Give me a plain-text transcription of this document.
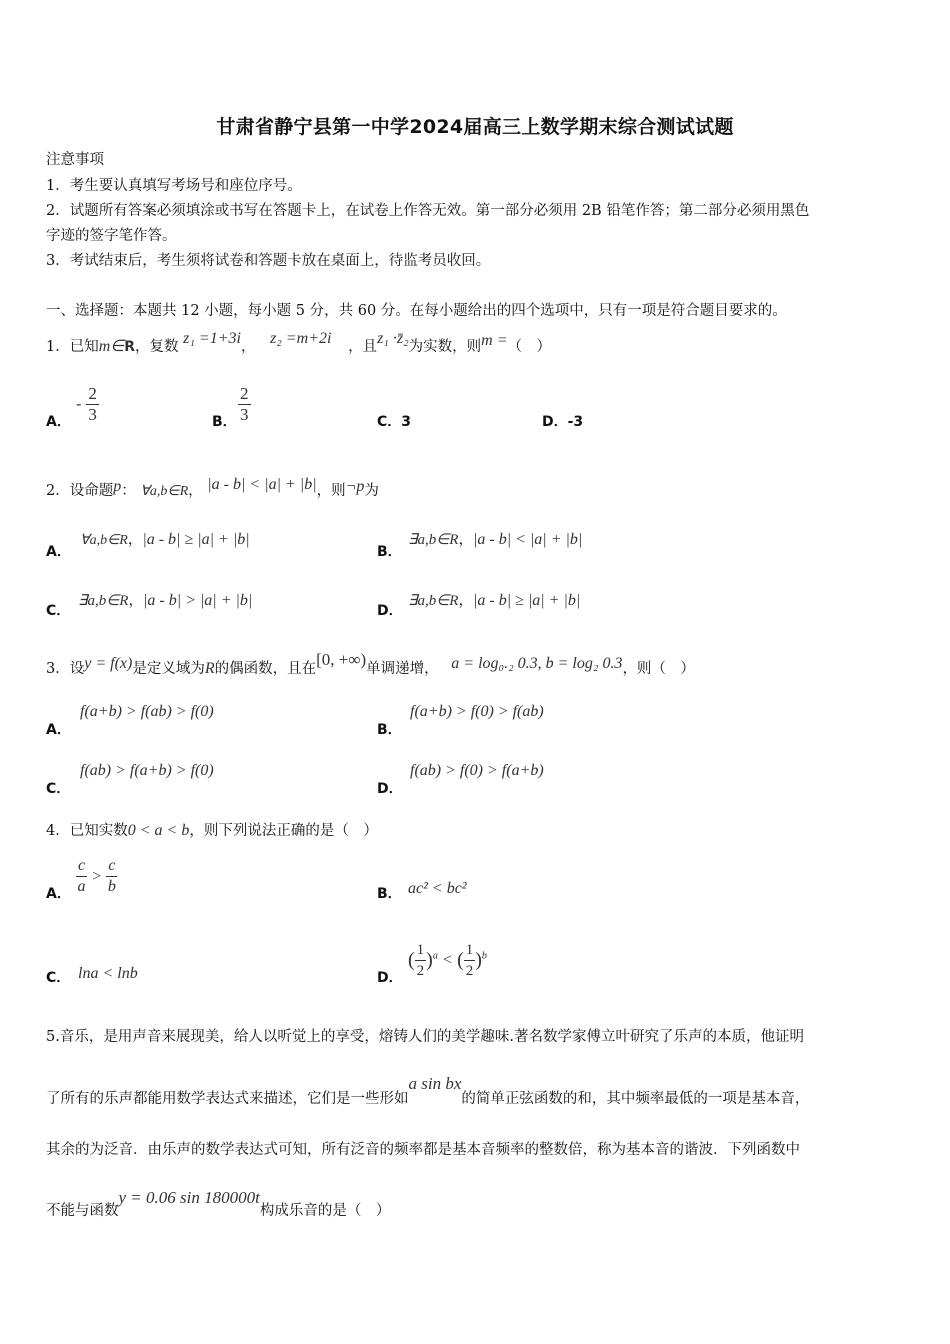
甘肃省静宁县第一中学2024届高三上数学期末综合测试试题
注意事项
1．考生要认真填写考场号和座位序号。
2．试题所有答案必须填涂或书写在答题卡上，在试卷上作答无效。第一部分必须用 2B 铅笔作答；第二部分必须用黑色
字迹的签字笔作答。
3．考试结束后，考生须将试卷和答题卡放在桌面上，待监考员收回。
一、选择题：本题共 12 小题，每小题 5 分，共 60 分。在每小题给出的四个选项中，只有一项是符合题目要求的。
1．已知m∈R，复数 z₁ =1+3i， z₂ =m+2i ，且z₁ ·z̄₂为实数，则m =（　）
A．
- $\frac{2}{3}$	B． $\frac{2}{3}$	C．3	D．-3
2．设命题p： ∀a,b∈R， |a - b| < |a| + |b|，则¬p为
A．
∀a,b∈R，|a - b| ≥ |a| + |b|
B．
∃a,b∈R，|a - b| < |a| + |b|
C．
∃a,b∈R，|a - b| > |a| + |b|
D．
∃a,b∈R，|a - b| ≥ |a| + |b|
3．设y = f(x)是定义域为R的偶函数，且在[0, +∞)单调递增， a = log₀.₂ 0.3, b = log₂ 0.3，则（　）
A．
f(a+b) > f(ab) > f(0)
B．
f(a+b) > f(0) > f(ab)
C．
f(ab) > f(a+b) > f(0)
D．
f(ab) > f(0) > f(a+b)
4．已知实数0 < a < b，则下列说法正确的是（　）
A． $\frac{c}{a} > \frac{c}{b}$	B． ac² < bc²
C． lna < lnb	D．
( $\frac{1}{2} )^a$ < ( $\frac{1}{2} )^b$
5.音乐，是用声音来展现美，给人以听觉上的享受，熔铸人们的美学趣味.著名数学家傅立叶研究了乐声的本质，他证明
了所有的乐声都能用数学表达式来描述，它们是一些形如a sin bx的简单正弦函数的和，其中频率最低的一项是基本音，
其余的为泛音．由乐声的数学表达式可知，所有泛音的频率都是基本音频率的整数倍，称为基本音的谐波．下列函数中
不能与函数y = 0.06 sin 180000t构成乐音的是（　）
